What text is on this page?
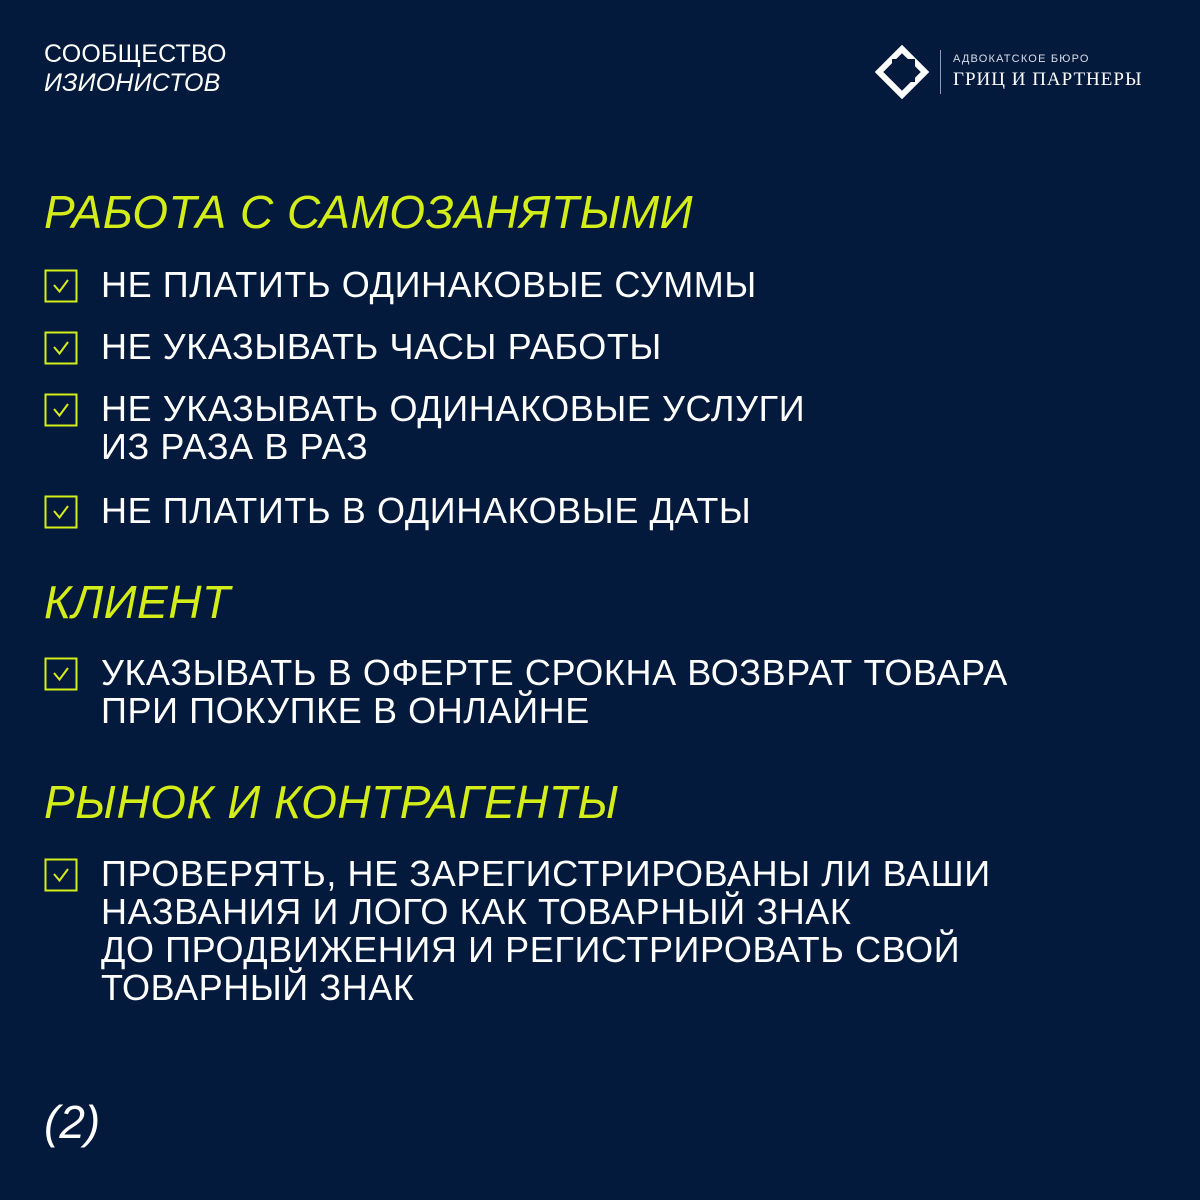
СООБЩЕСТВО
ИЗИОНИСТОВ
АДВОКАТСКОЕ БЮРО
ГРИЦ И ПАРТНЕРЫ
РАБОТА С САМОЗАНЯТЫМИ
НЕ ПЛАТИТЬ ОДИНАКОВЫЕ СУММЫ
НЕ УКАЗЫВАТЬ ЧАСЫ РАБОТЫ
НЕ УКАЗЫВАТЬ ОДИНАКОВЫЕ УСЛУГИ
ИЗ РАЗА В РАЗ
НЕ ПЛАТИТЬ В ОДИНАКОВЫЕ ДАТЫ
КЛИЕНТ
УКАЗЫВАТЬ В ОФЕРТЕ СРОКНА ВОЗВРАТ ТОВАРА
ПРИ ПОКУПКЕ В ОНЛАЙНЕ
РЫНОК И КОНТРАГЕНТЫ
ПРОВЕРЯТЬ, НЕ ЗАРЕГИСТРИРОВАНЫ ЛИ ВАШИ
НАЗВАНИЯ И ЛОГО КАК ТОВАРНЫЙ ЗНАК
ДО ПРОДВИЖЕНИЯ И РЕГИСТРИРОВАТЬ СВОЙ
ТОВАРНЫЙ ЗНАК
(2)
